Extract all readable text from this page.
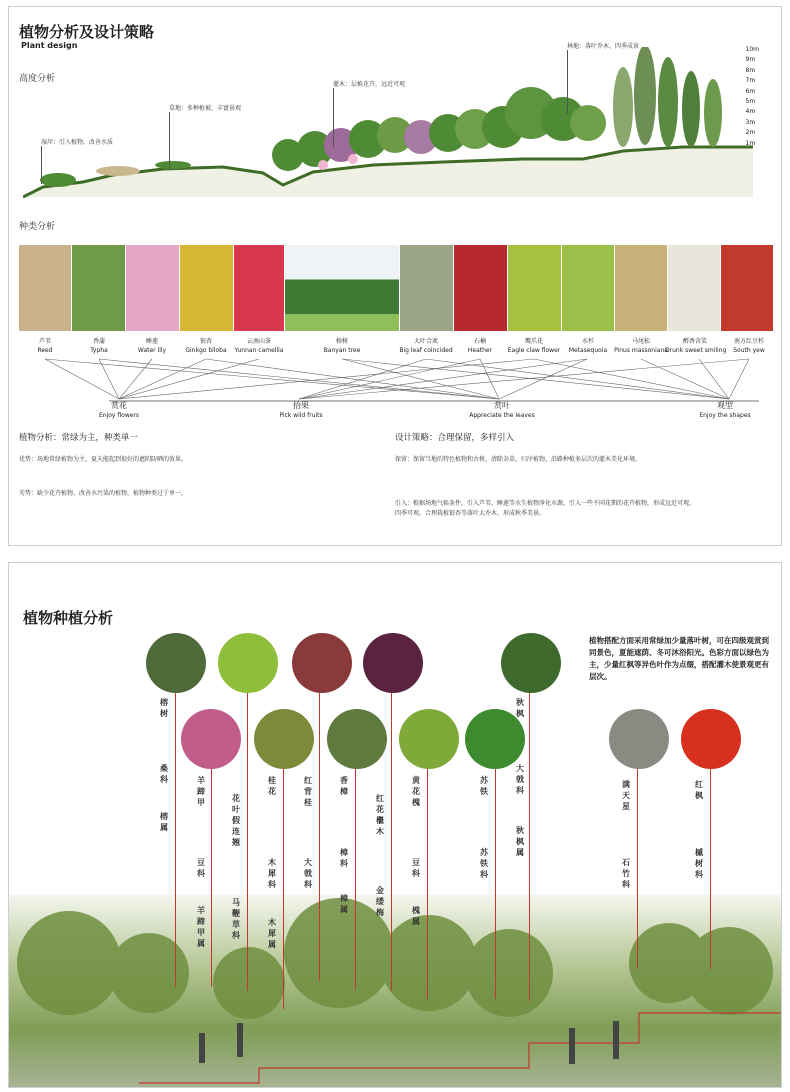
植物分析及设计策略
Plant design
高度分析
湿岸：引入植物，改善水质
草地：多种植被，丰富景观
灌木：层植花卉，远近可观
林地：落叶乔木，四季成景	10m
9m
8m
7m
6m
5m
4m
3m
2m
1m
种类分析
芦苇
Reed
香蒲
Typha
睡莲
Water lily
银杏
Ginkgo biloba
云南山茶
Yunnan camellia
榕树
Banyan tree
大叶合欢
Big leaf coincided
石楠
Heather
鹰爪花
Eagle claw flower
水杉
Metasequoia
马尾松
Pinus massoniana
醉香含笑
Drunk sweet smiling
南方红豆杉
South yew
赏花
Enjoy flowers
拾果
Pick wild fruits
赏叶
Appreciate the leaves
观型
Enjoy the shapes
植物分析：常绿为主，种类单一
优势：场地常绿植物为主，夏天能起到很好的遮阴防晒的效果。
劣势：缺少花卉植物，改善水污染的植物，植物种类过于单一。
设计策略：合理保留，多样引入
保留：保留当地的特色植物和古树，清除杂草，归序植物，沿路种植多层次的灌木美化环境。
引入：根据场地气候条件，引入芦苇、睡莲等水生植物净化水源，引入一些不同花期的花卉植物，形成远近可观，四季可观。合理栽植银杏等落叶大乔木，形成秋季美景。
植物种植分析
植物搭配方面采用常绿加少量落叶树，可在四级观赏到同景色，夏能遮荫、冬可沐浴阳光。色彩方面以绿色为主，少量红枫等异色叶作为点缀，搭配灌木使景观更有层次。
榕树
桑科
榕属
羊蹄甲
豆科
羊蹄甲属
花叶假连翘
马鞭草科
桂花
木犀科
木犀属
红背桂
大戟科
香樟
樟科
樟属
红花檵木
金缕梅
黄花槐
豆科
槐属
苏铁
苏铁科
秋枫
大戟科
秋枫属
满天星
石竹科
红枫
槭树科
